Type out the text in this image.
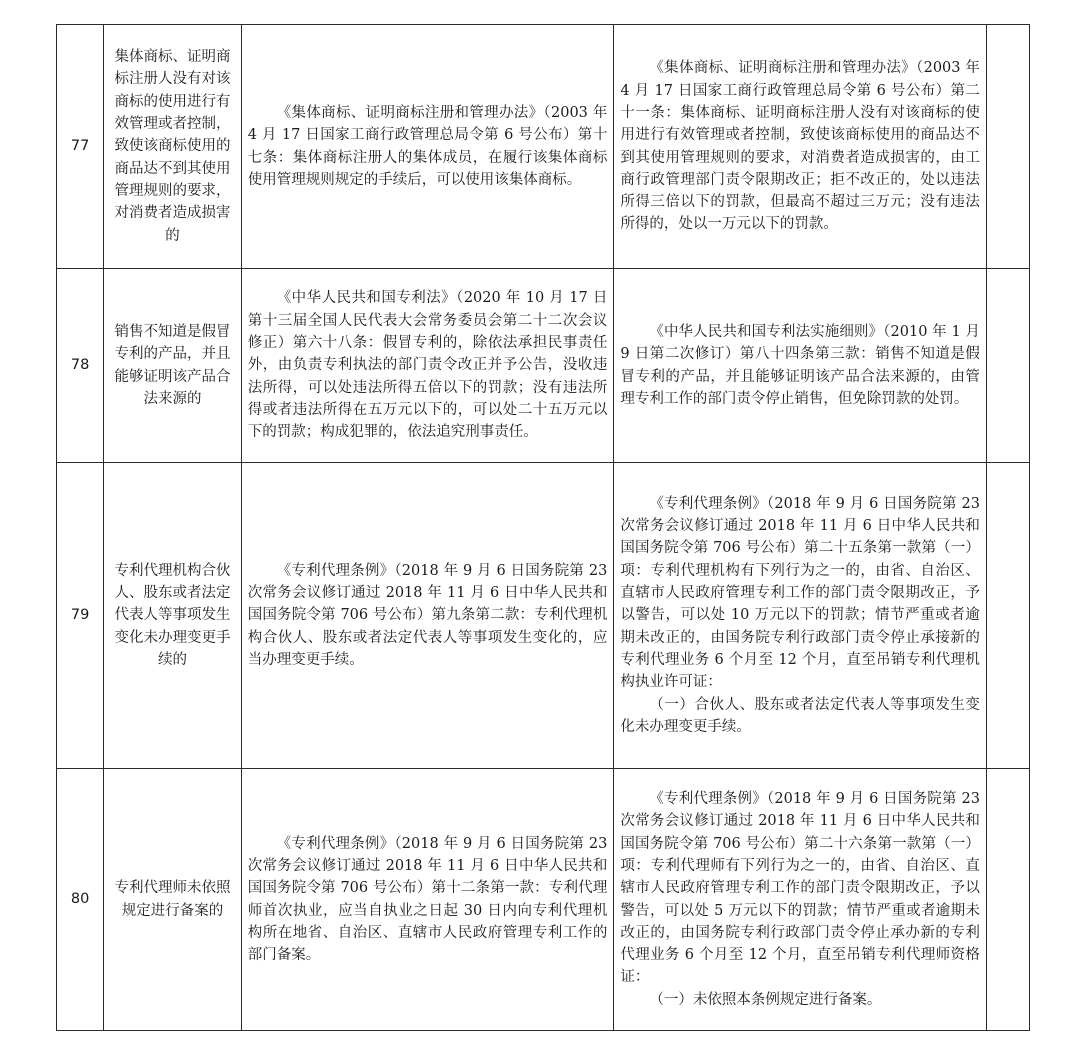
77	集体商标、证明商标注册人没有对该商标的使用进行有效管理或者控制，致使该商标使用的商品达不到其使用管理规则的要求，对消费者造成损害的	《集体商标、证明商标注册和管理办法》（2003 年 4 月 17 日国家工商行政管理总局令第 6 号公布）第十七条：集体商标注册人的集体成员，在履行该集体商标使用管理规则规定的手续后，可以使用该集体商标。	《集体商标、证明商标注册和管理办法》（2003 年 4 月 17 日国家工商行政管理总局令第 6 号公布）第二十一条：集体商标、证明商标注册人没有对该商标的使用进行有效管理或者控制，致使该商标使用的商品达不到其使用管理规则的要求，对消费者造成损害的，由工商行政管理部门责令限期改正；拒不改正的，处以违法所得三倍以下的罚款，但最高不超过三万元；没有违法所得的，处以一万元以下的罚款。	

78	销售不知道是假冒专利的产品，并且能够证明该产品合法来源的	《中华人民共和国专利法》（2020 年 10 月 17 日第十三届全国人民代表大会常务委员会第二十二次会议修正）第六十八条：假冒专利的，除依法承担民事责任外，由负责专利执法的部门责令改正并予公告，没收违法所得，可以处违法所得五倍以下的罚款；没有违法所得或者违法所得在五万元以下的，可以处二十五万元以下的罚款；构成犯罪的，依法追究刑事责任。	《中华人民共和国专利法实施细则》（2010 年 1 月 9 日第二次修订）第八十四条第三款：销售不知道是假冒专利的产品，并且能够证明该产品合法来源的，由管理专利工作的部门责令停止销售，但免除罚款的处罚。	

79	专利代理机构合伙人、股东或者法定代表人等事项发生变化未办理变更手续的	《专利代理条例》（2018 年 9 月 6 日国务院第 23 次常务会议修订通过 2018 年 11 月 6 日中华人民共和国国务院令第 706 号公布）第九条第二款：专利代理机构合伙人、股东或者法定代表人等事项发生变化的，应当办理变更手续。	《专利代理条例》（2018 年 9 月 6 日国务院第 23 次常务会议修订通过 2018 年 11 月 6 日中华人民共和国国务院令第 706 号公布）第二十五条第一款第（一）项：专利代理机构有下列行为之一的，由省、自治区、直辖市人民政府管理专利工作的部门责令限期改正，予以警告，可以处 10 万元以下的罚款；情节严重或者逾期未改正的，由国务院专利行政部门责令停止承接新的专利代理业务 6 个月至 12 个月，直至吊销专利代理机构执业许可证：
（一）合伙人、股东或者法定代表人等事项发生变化未办理变更手续。	

80	专利代理师未依照规定进行备案的	《专利代理条例》（2018 年 9 月 6 日国务院第 23 次常务会议修订通过 2018 年 11 月 6 日中华人民共和国国务院令第 706 号公布）第十二条第一款：专利代理师首次执业，应当自执业之日起 30 日内向专利代理机构所在地省、自治区、直辖市人民政府管理专利工作的部门备案。	《专利代理条例》（2018 年 9 月 6 日国务院第 23 次常务会议修订通过 2018 年 11 月 6 日中华人民共和国国务院令第 706 号公布）第二十六条第一款第（一）项：专利代理师有下列行为之一的，由省、自治区、直辖市人民政府管理专利工作的部门责令限期改正，予以警告，可以处 5 万元以下的罚款；情节严重或者逾期未改正的，由国务院专利行政部门责令停止承办新的专利代理业务 6 个月至 12 个月，直至吊销专利代理师资格证：
（一）未依照本条例规定进行备案。	
